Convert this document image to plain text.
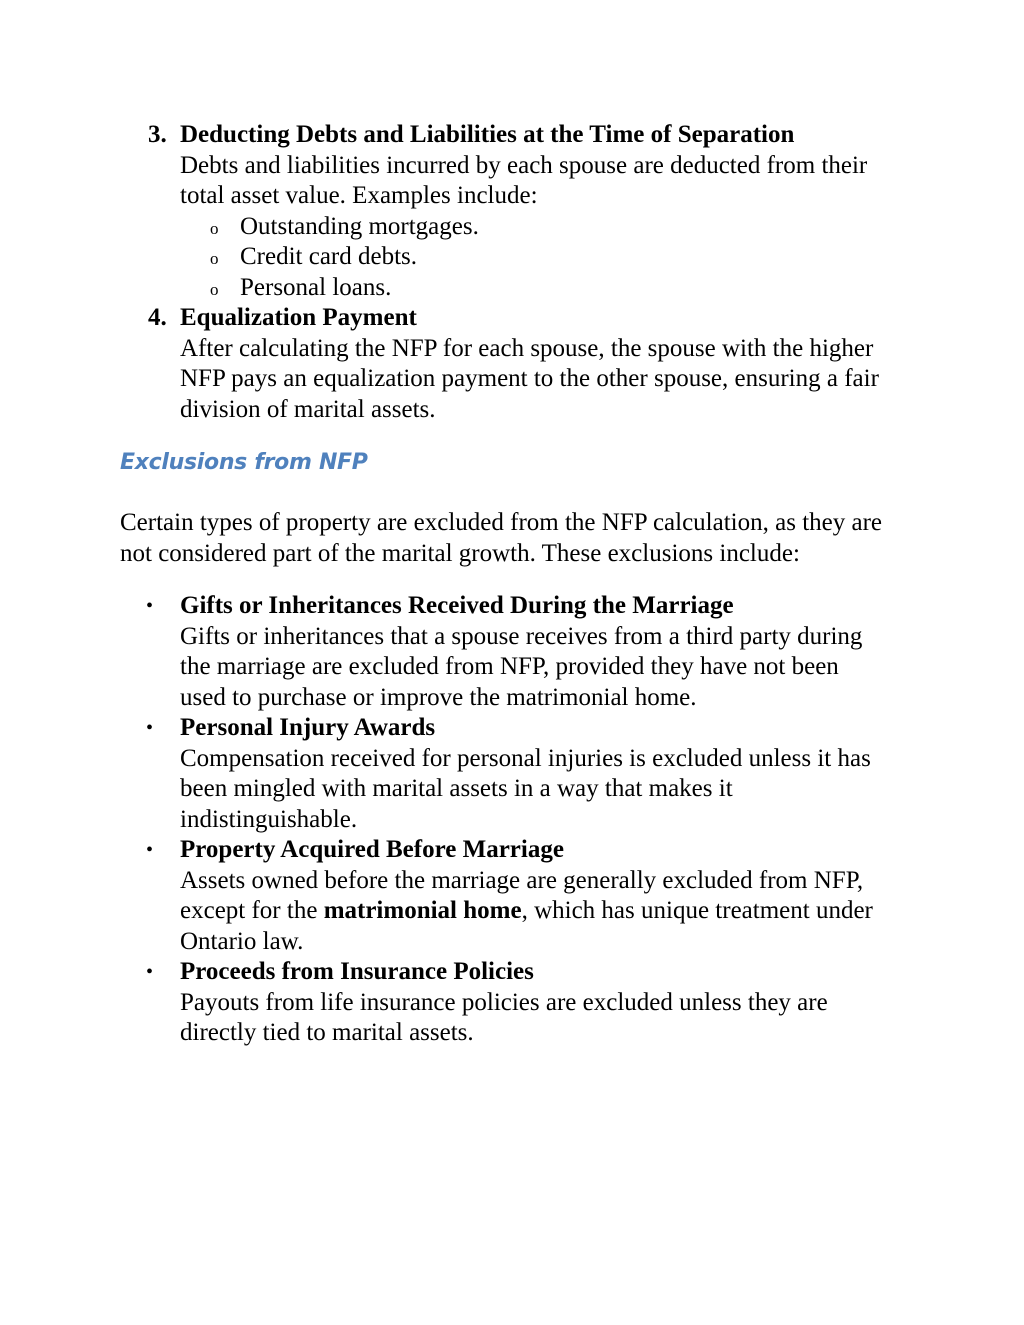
3. Deducting Debts and Liabilities at the Time of Separation
Debts and liabilities incurred by each spouse are deducted from their total asset value. Examples include:
o Outstanding mortgages.
o Credit card debts.
o Personal loans.
4. Equalization Payment
After calculating the NFP for each spouse, the spouse with the higher NFP pays an equalization payment to the other spouse, ensuring a fair division of marital assets.
Exclusions from NFP

Certain types of property are excluded from the NFP calculation, as they are not considered part of the marital growth. These exclusions include:

• Gifts or Inheritances Received During the Marriage
Gifts or inheritances that a spouse receives from a third party during the marriage are excluded from NFP, provided they have not been used to purchase or improve the matrimonial home.
• Personal Injury Awards
Compensation received for personal injuries is excluded unless it has been mingled with marital assets in a way that makes it indistinguishable.
• Property Acquired Before Marriage
Assets owned before the marriage are generally excluded from NFP, except for the matrimonial home, which has unique treatment under Ontario law.
• Proceeds from Insurance Policies
Payouts from life insurance policies are excluded unless they are directly tied to marital assets.
